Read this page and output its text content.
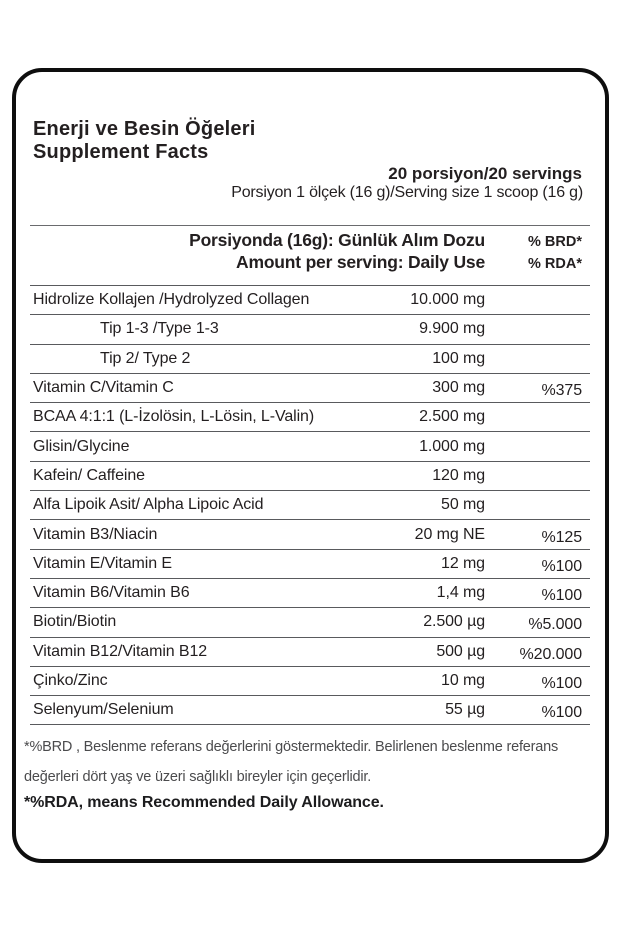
Enerji ve Besin Öğeleri
Supplement Facts
20 porsiyon/20 servings
Porsiyon 1 ölçek (16 g)/Serving size 1 scoop (16 g)
Porsiyonda (16g): Günlük Alım Dozu	% BRD*
Amount per serving: Daily Use	% RDA*
Hidrolize Kollajen /Hydrolyzed Collagen	10.000 mg
Tip 1-3 /Type 1-3	9.900 mg
Tip 2/ Type 2	100 mg
Vitamin C/Vitamin C	300 mg	%375
BCAA 4:1:1 (L-İzolösin, L-Lösin, L-Valin)	2.500 mg
Glisin/Glycine	1.000 mg
Kafein/ Caffeine	120 mg
Alfa Lipoik Asit/ Alpha Lipoic Acid	50 mg
Vitamin B3/Niacin	20 mg NE	%125
Vitamin E/Vitamin E	12 mg	%100
Vitamin B6/Vitamin B6	1,4 mg	%100
Biotin/Biotin	2.500 µg	%5.000
Vitamin B12/Vitamin B12	500 µg	%20.000
Çinko/Zinc	10 mg	%100
Selenyum/Selenium	55 µg	%100
*%BRD , Beslenme referans değerlerini göstermektedir. Belirlenen beslenme referans değerleri dört yaş ve üzeri sağlıklı bireyler için geçerlidir.
*%RDA, means Recommended Daily Allowance.
